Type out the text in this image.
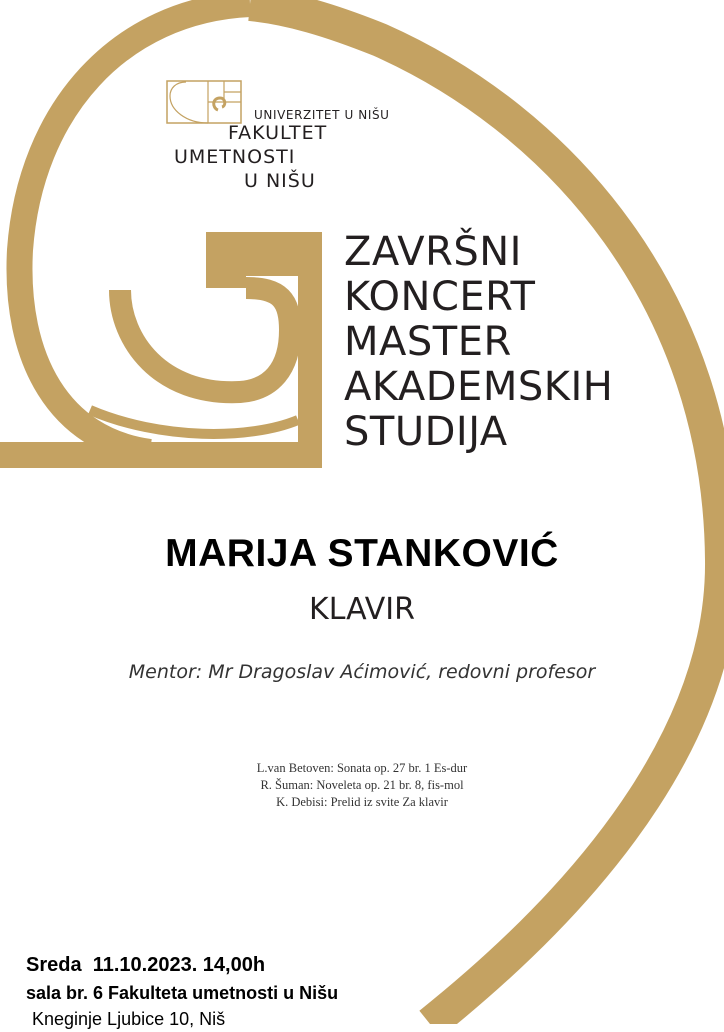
UNIVERZITET U NIŠU
FAKULTET
UMETNOSTI
U NIŠU
ZAVRŠNI
KONCERT
MASTER
AKADEMSKIH
STUDIJA
MARIJA STANKOVIĆ
KLAVIR
Mentor: Mr Dragoslav Aćimović, redovni profesor
L.van Betoven: Sonata op. 27 br. 1 Es-dur
R. Šuman: Noveleta op. 21 br. 8, fis-mol
K. Debisi: Prelid iz svite Za klavir
Sreda  11.10.2023. 14,00h
sala br. 6 Fakulteta umetnosti u Nišu
Kneginje Ljubice 10, Niš
